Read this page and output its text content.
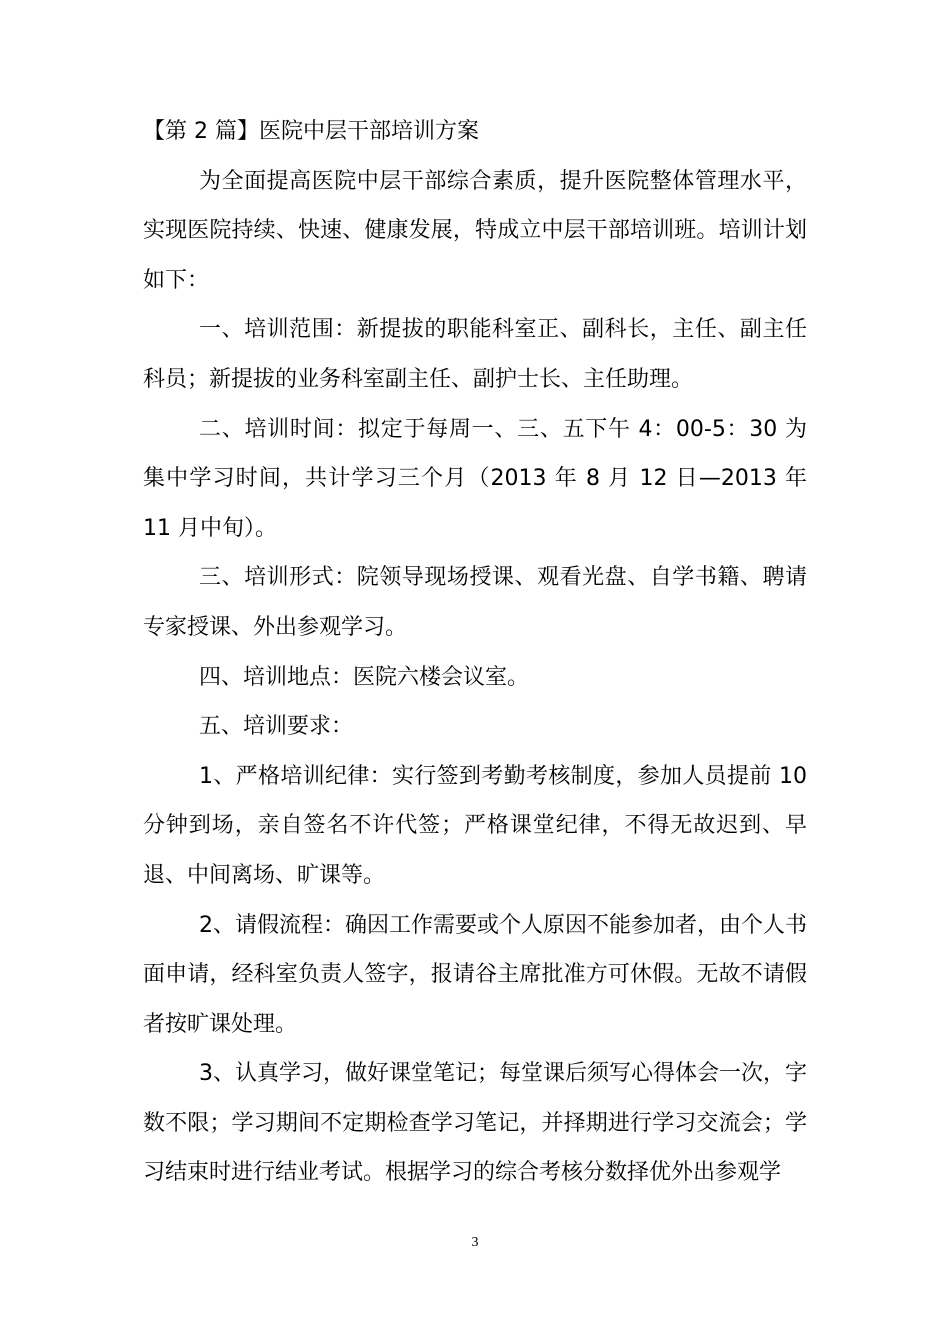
【第 2 篇】医院中层干部培训方案

为全面提高医院中层干部综合素质，提升医院整体管理水平，实现医院持续、快速、健康发展，特成立中层干部培训班。培训计划如下：

一、培训范围：新提拔的职能科室正、副科长，主任、副主任科员；新提拔的业务科室副主任、副护士长、主任助理。

二、培训时间：拟定于每周一、三、五下午 4：00-5：30 为集中学习时间，共计学习三个月（2013 年 8 月 12 日—2013 年 11 月中旬）。

三、培训形式：院领导现场授课、观看光盘、自学书籍、聘请专家授课、外出参观学习。

四、培训地点：医院六楼会议室。

五、培训要求：

1、严格培训纪律：实行签到考勤考核制度，参加人员提前 10 分钟到场，亲自签名不许代签；严格课堂纪律，不得无故迟到、早退、中间离场、旷课等。

2、请假流程：确因工作需要或个人原因不能参加者，由个人书面申请，经科室负责人签字，报请谷主席批准方可休假。无故不请假者按旷课处理。

3、认真学习，做好课堂笔记；每堂课后须写心得体会一次，字数不限；学习期间不定期检查学习笔记，并择期进行学习交流会；学习结束时进行结业考试。根据学习的综合考核分数择优外出参观学

3
